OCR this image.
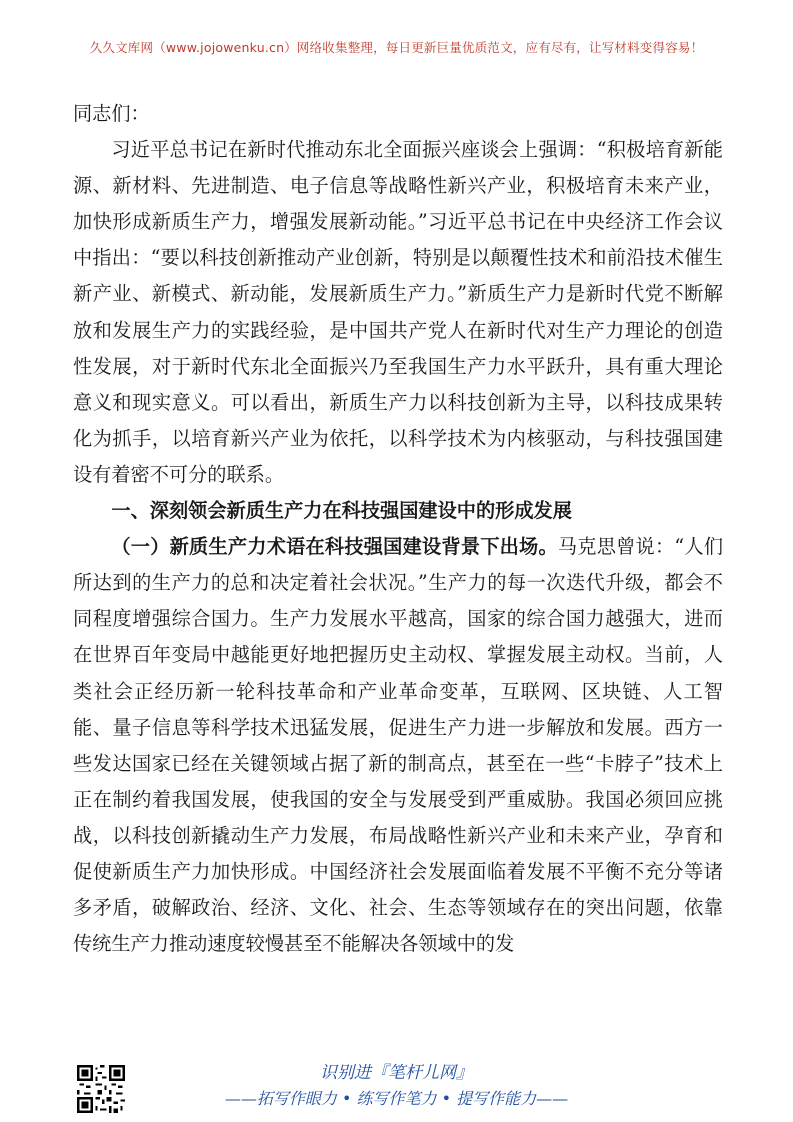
久久文库网（www.jojowenku.cn）网络收集整理，每日更新巨量优质范文，应有尽有，让写材料变得容易！

同志们：

习近平总书记在新时代推动东北全面振兴座谈会上强调：“积极培育新能源、新材料、先进制造、电子信息等战略性新兴产业，积极培育未来产业，加快形成新质生产力，增强发展新动能。”习近平总书记在中央经济工作会议中指出：“要以科技创新推动产业创新，特别是以颠覆性技术和前沿技术催生新产业、新模式、新动能，发展新质生产力。”新质生产力是新时代党不断解放和发展生产力的实践经验，是中国共产党人在新时代对生产力理论的创造性发展，对于新时代东北全面振兴乃至我国生产力水平跃升，具有重大理论意义和现实意义。可以看出，新质生产力以科技创新为主导，以科技成果转化为抓手，以培育新兴产业为依托，以科学技术为内核驱动，与科技强国建设有着密不可分的联系。

一、深刻领会新质生产力在科技强国建设中的形成发展

（一）新质生产力术语在科技强国建设背景下出场。马克思曾说：“人们所达到的生产力的总和决定着社会状况。”生产力的每一次迭代升级，都会不同程度增强综合国力。生产力发展水平越高，国家的综合国力越强大，进而在世界百年变局中越能更好地把握历史主动权、掌握发展主动权。当前，人类社会正经历新一轮科技革命和产业革命变革，互联网、区块链、人工智能、量子信息等科学技术迅猛发展，促进生产力进一步解放和发展。西方一些发达国家已经在关键领域占据了新的制高点，甚至在一些“卡脖子”技术上正在制约着我国发展，使我国的安全与发展受到严重威胁。我国必须回应挑战，以科技创新撬动生产力发展，布局战略性新兴产业和未来产业，孕育和促使新质生产力加快形成。中国经济社会发展面临着发展不平衡不充分等诸多矛盾，破解政治、经济、文化、社会、生态等领域存在的突出问题，依靠传统生产力推动速度较慢甚至不能解决各领域中的发

识别进『笔杆儿网』
——拓写作眼力 • 练写作笔力 • 提写作能力——
